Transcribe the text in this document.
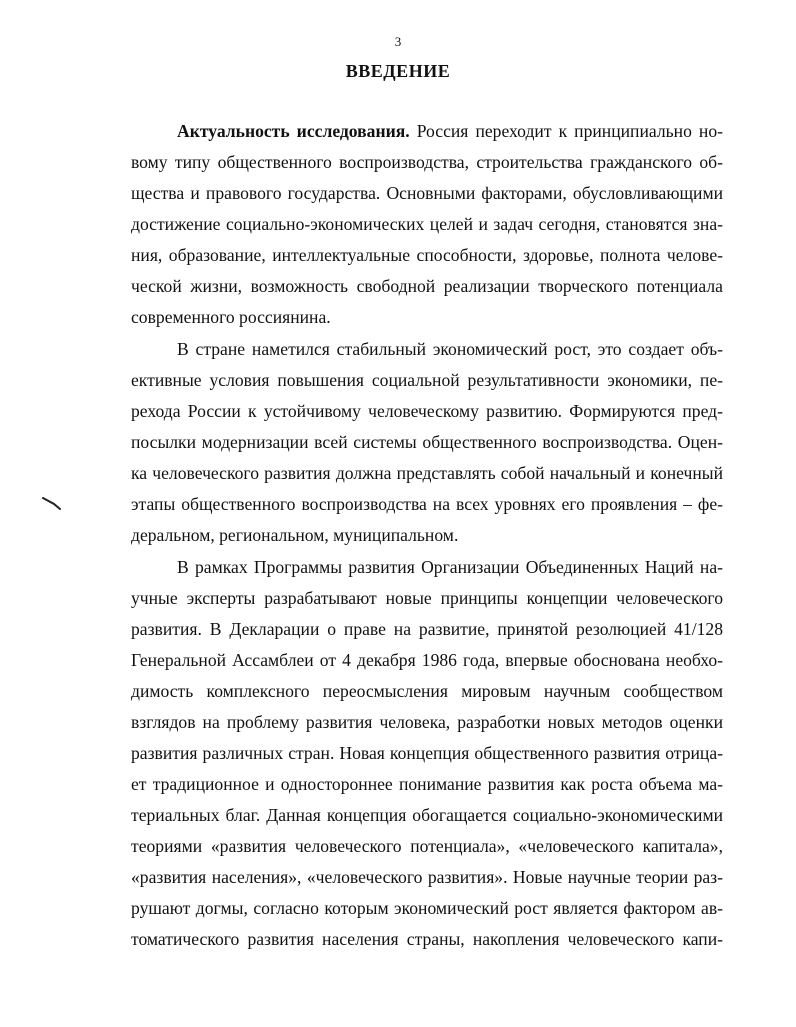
3
ВВЕДЕНИЕ
Актуальность исследования. Россия переходит к принципиально но-
вому типу общественного воспроизводства, строительства гражданского об-
щества и правового государства. Основными факторами, обусловливающими
достижение социально-экономических целей и задач сегодня, становятся зна-
ния, образование, интеллектуальные способности, здоровье, полнота челове-
ческой жизни, возможность свободной реализации творческого потенциала
современного россиянина.
В стране наметился стабильный экономический рост, это создает объ-
ективные условия повышения социальной результативности экономики, пе-
рехода России к устойчивому человеческому развитию. Формируются пред-
посылки модернизации всей системы общественного воспроизводства. Оцен-
ка человеческого развития должна представлять собой начальный и конечный
этапы общественного воспроизводства на всех уровнях его проявления – фе-
деральном, региональном, муниципальном.
В рамках Программы развития Организации Объединенных Наций на-
учные эксперты разрабатывают новые принципы концепции человеческого
развития. В Декларации о праве на развитие, принятой резолюцией 41/128
Генеральной Ассамблеи от 4 декабря 1986 года, впервые обоснована необхо-
димость комплексного переосмысления мировым научным сообществом
взглядов на проблему развития человека, разработки новых методов оценки
развития различных стран. Новая концепция общественного развития отрица-
ет традиционное и одностороннее понимание развития как роста объема ма-
териальных благ. Данная концепция обогащается социально-экономическими
теориями «развития человеческого потенциала», «человеческого капитала»,
«развития населения», «человеческого развития». Новые научные теории раз-
рушают догмы, согласно которым экономический рост является фактором ав-
томатического развития населения страны, накопления человеческого капи-
